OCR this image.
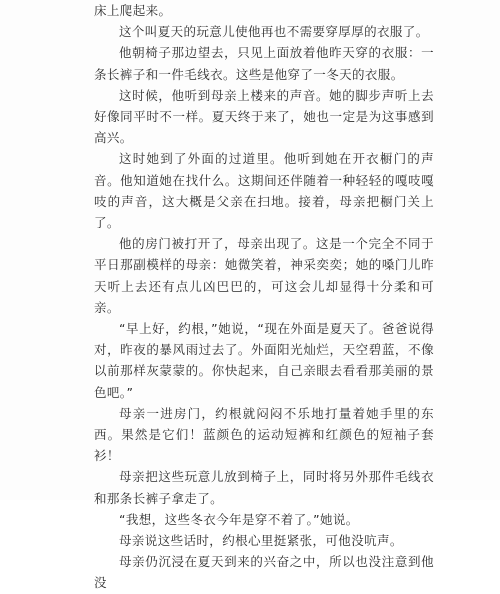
床上爬起来。

这个叫夏天的玩意儿使他再也不需要穿厚厚的衣服了。

他朝椅子那边望去，只见上面放着他昨天穿的衣服：一条长裤子和一件毛线衣。这些是他穿了一冬天的衣服。

这时候，他听到母亲上楼来的声音。她的脚步声听上去好像同平时不一样。夏天终于来了，她也一定是为这事感到高兴。

这时她到了外面的过道里。他听到她在开衣橱门的声音。他知道她在找什么。这期间还伴随着一种轻轻的嘎吱嘎吱的声音，这大概是父亲在扫地。接着，母亲把橱门关上了。

他的房门被打开了，母亲出现了。这是一个完全不同于平日那副模样的母亲：她微笑着，神采奕奕；她的嗓门儿昨天听上去还有点儿凶巴巴的，可这会儿却显得十分柔和可亲。

“早上好，约根，”她说，“现在外面是夏天了。爸爸说得对，昨夜的暴风雨过去了。外面阳光灿烂，天空碧蓝，不像以前那样灰蒙蒙的。你快起来，自己亲眼去看看那美丽的景色吧。”

母亲一进房门，约根就闷闷不乐地打量着她手里的东西。果然是它们！蓝颜色的运动短裤和红颜色的短袖子套衫！

母亲把这些玩意儿放到椅子上，同时将另外那件毛线衣和那条长裤子拿走了。

“我想，这些冬衣今年是穿不着了。”她说。

母亲说这些话时，约根心里挺紧张，可他没吭声。

母亲仍沉浸在夏天到来的兴奋之中，所以也没注意到他没
